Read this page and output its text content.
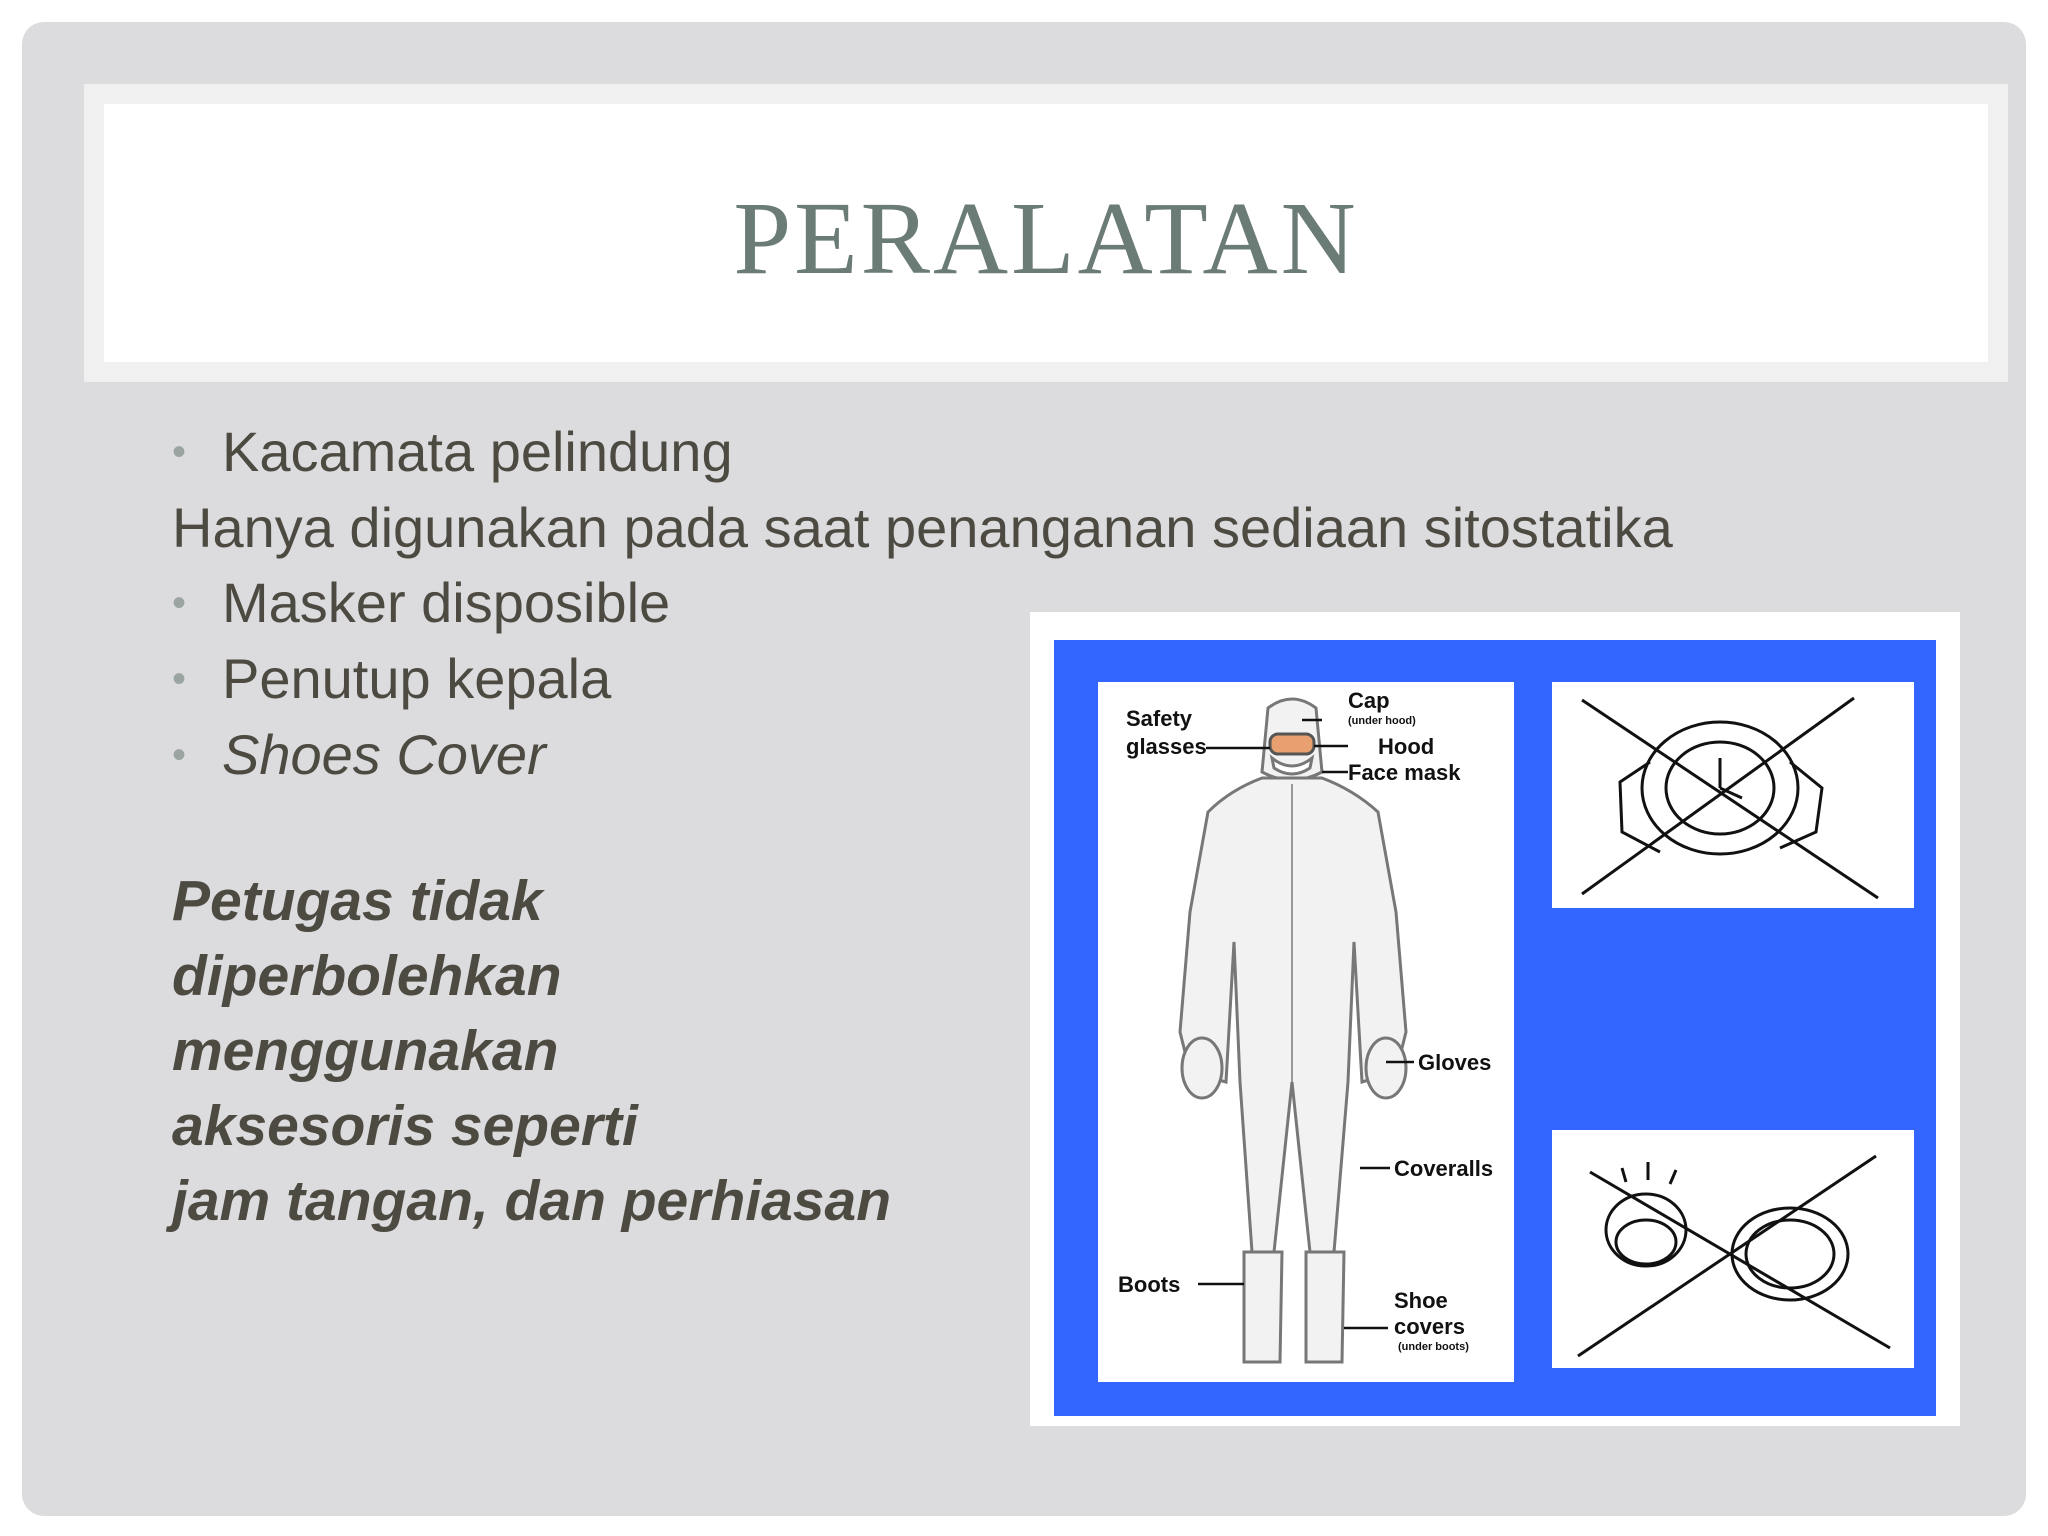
PERALATAN
• Kacamata pelindung
Hanya digunakan pada saat penanganan sediaan sitostatika
• Masker disposible
• Penutup kepala
• Shoes Cover
Petugas tidak
diperbolehkan
menggunakan
aksesoris seperti
jam tangan, dan perhiasan
Safety
glasses
Cap
(under hood)
Hood
Face mask
Gloves
Coveralls
Boots
Shoe
covers
(under boots)
